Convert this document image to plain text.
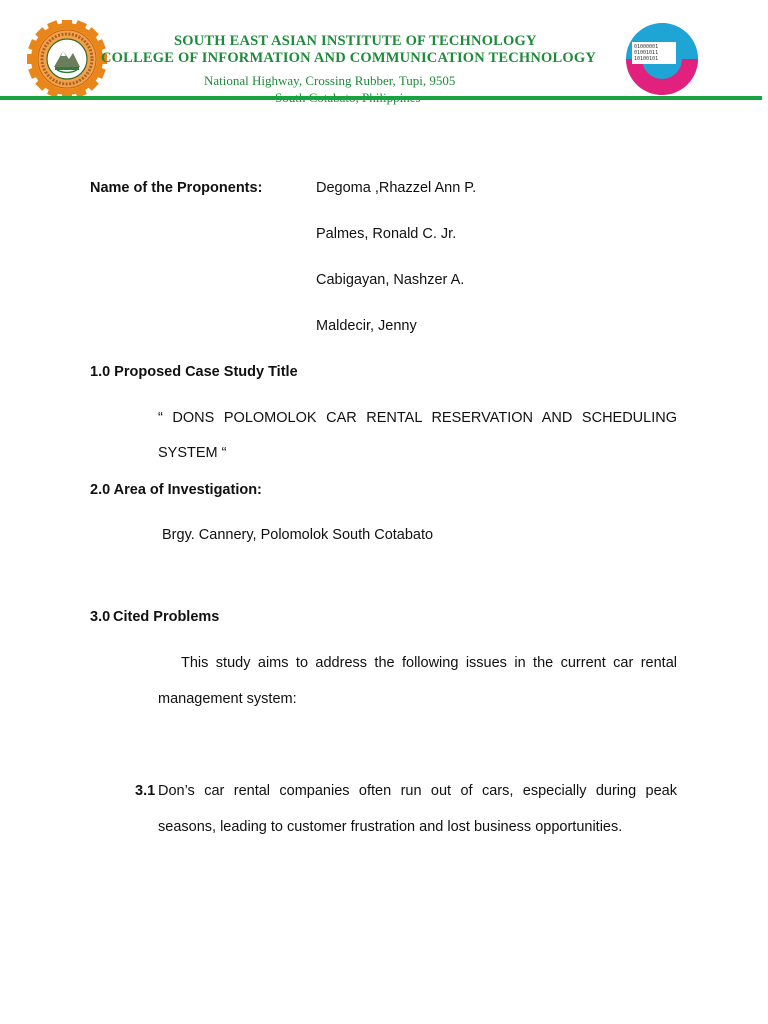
SOUTH EAST ASIAN INSTITUTE OF TECHNOLOGY
COLLEGE OF INFORMATION AND COMMUNICATION TECHNOLOGY
National Highway, Crossing Rubber, Tupi, 9505
01000001
01001011
10100101
Name of the Proponents:	Degoma ,Rhazzel Ann P.
Palmes, Ronald C. Jr.
Cabigayan, Nashzer A.
Maldecir, Jenny
1.0 Proposed Case Study Title
“ DONS POLOMOLOK CAR RENTAL RESERVATION AND SCHEDULING
SYSTEM “
2.0 Area of Investigation:
Brgy. Cannery, Polomolok South Cotabato
3.0 Cited Problems
This study aims to address the following issues in the current car rental
management system:
3.1 Don’s car rental companies often run out of cars, especially during peak
seasons, leading to customer frustration and lost business opportunities.
